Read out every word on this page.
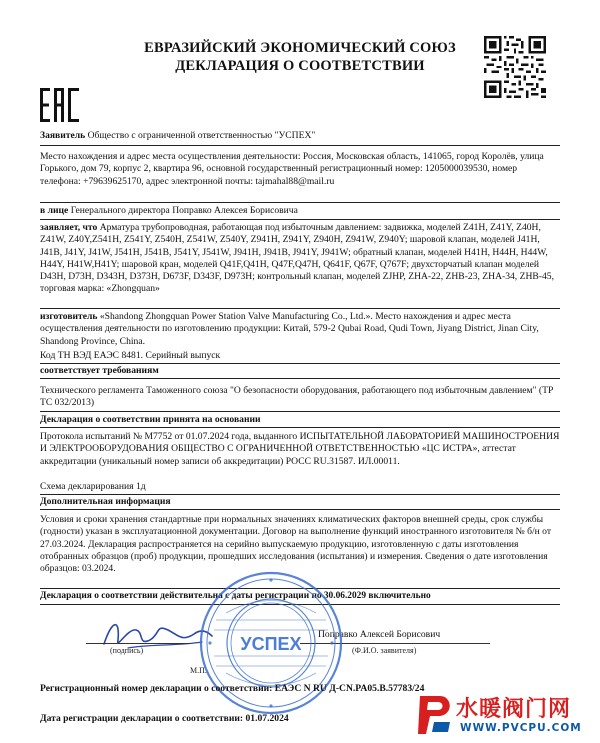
ЕВРАЗИЙСКИЙ ЭКОНОМИЧЕСКИЙ СОЮЗ
ДЕКЛАРАЦИЯ О СООТВЕТСТВИИ
Заявитель Общество с ограниченной ответственностью "УСПЕХ"
Место нахождения и адрес места осуществления деятельности: Россия, Московская область, 141065, город Королёв, улица Горького, дом 79, корпус 2, квартира 96, основной государственный регистрационный номер: 1205000039530, номер телефона: +79639625170, адрес электронной почты: tajmahal88@mail.ru
в лице Генерального директора Поправко Алексея Борисовича
заявляет, что Арматура трубопроводная, работающая под избыточным давлением: задвижка, моделей Z41H, Z41Y, Z40H, Z41W, Z40Y,Z541H, Z541Y, Z540H, Z541W, Z540Y, Z941H, Z941Y, Z940H, Z941W, Z940Y; шаровой клапан, моделей J41H, J41B, J41Y, J41W, J541H, J541B, J541Y, J541W, J941H, J941B, J941Y, J941W; обратный клапан, моделей H41H, H44H, H44W, H44Y, H41W,H41Y; шаровой кран, моделей Q41F,Q41H, Q47F,Q47H, Q641F, Q67F, Q767F; двухсторчатый клапан моделей D43H, D73H, D343H, D373H, D673F, D343F, D973H; контрольный клапан, моделей ZJHP, ZHA-22, ZHB-23, ZHA-34, ZHB-45, торговая марка: «Zhongquan»
изготовитель «Shandong Zhongquan Power Station Valve Manufacturing Co., Ltd.». Место нахождения и адрес места осуществления деятельности по изготовлению продукции: Китай, 579-2 Qubai Road, Qudi Town, Jiyang District, Jinan City, Shandong Province, China.
Код ТН ВЭД ЕАЭС 8481. Серийный выпуск
соответствует требованиям
Технического регламента Таможенного союза "О безопасности оборудования, работающего под избыточным давлением" (ТР ТС 032/2013)
Декларация о соответствии принята на основании
Протокола испытаний № M7752 от 01.07.2024 года, выданного ИСПЫТАТЕЛЬНОЙ ЛАБОРАТОРИЕЙ МАШИНОСТРОЕНИЯ И ЭЛЕКТРООБОРУДОВАНИЯ ОБЩЕСТВО С ОГРАНИЧЕННОЙ ОТВЕТСТВЕННОСТЬЮ «ЦС ИСТРА», аттестат аккредитации (уникальный номер записи об аккредитации) РОСС RU.31587. ИЛ.00011.
Схема декларирования 1д
Дополнительная информация
Условия и сроки хранения стандартные при нормальных значениях климатических факторов внешней среды, срок службы (годности) указан в эксплуатационной документации. Договор на выполнение функций иностранного изготовителя № б/н от 27.03.2024. Декларация распространяется на серийно выпускаемую продукцию, изготовленную с даты изготовления отобранных образцов (проб) продукции, прошедших исследования (испытания) и измерения. Сведения о дате изготовления образцов: 03.2024.
Декларация о соответствии действительна с даты регистрации по 30.06.2029 включительно
(подпись)
М.П.
Поправко Алексей Борисович
(Ф.И.О. заявителя)
УСПЕХ
Регистрационный номер декларации о соответствии: ЕАЭС N RU Д-CN.PA05.B.57783/24
Дата регистрации декларации о соответствии: 01.07.2024	水暖阀门网
WWW.PVCPU.COM
